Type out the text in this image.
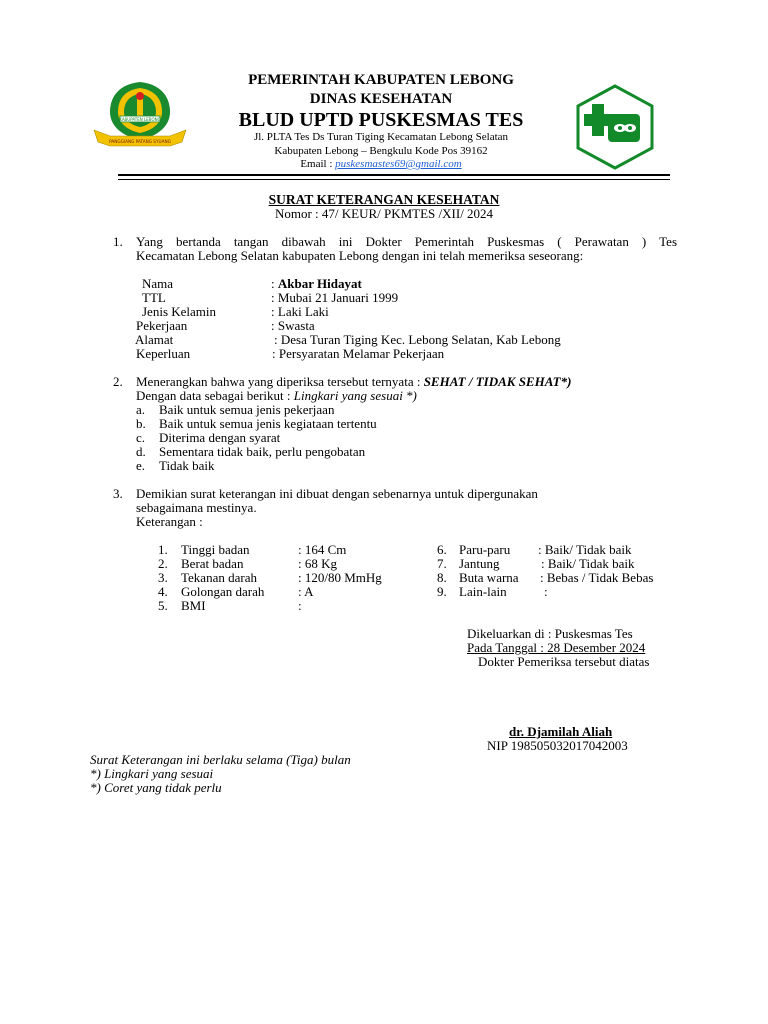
KABUPATEN LEBONG
PANGGIANG PATANG SYUANG
PEMERINTAH KABUPATEN LEBONG
DINAS KESEHATAN
BLUD UPTD PUSKESMAS TES
Jl. PLTA Tes Ds Turan Tiging Kecamatan Lebong Selatan
Kabupaten Lebong – Bengkulu Kode Pos 39162
Email : puskesmastes69@gmail.com
SURAT KETERANGAN KESEHATAN
Nomor : 47/ KEUR/ PKMTES /XII/ 2024
1. Yang bertanda tangan dibawah ini Dokter Pemerintah Puskesmas ( Perawatan ) Tes
Kecamatan Lebong Selatan kabupaten Lebong dengan ini telah memeriksa seseorang:
Nama	: Akbar Hidayat
TTL	: Mubai 21 Januari 1999
Jenis Kelamin	: Laki Laki
Pekerjaan	: Swasta
Alamat	: Desa Turan Tiging Kec. Lebong Selatan, Kab Lebong
Keperluan	: Persyaratan Melamar Pekerjaan
2. Menerangkan bahwa yang diperiksa tersebut ternyata : SEHAT / TIDAK SEHAT*)
Dengan data sebagai berikut : Lingkari yang sesuai *)
a. Baik untuk semua jenis pekerjaan
b. Baik untuk semua jenis kegiataan tertentu
c. Diterima dengan syarat
d. Sementara tidak baik, perlu pengobatan
e. Tidak baik
3. Demikian surat keterangan ini dibuat dengan sebenarnya untuk dipergunakan
sebagaimana mestinya.
Keterangan :
1. Tinggi badan	: 164 Cm
2. Berat badan	: 68 Kg
3. Tekanan darah	: 120/80 MmHg
4. Golongan darah	: A
5. BMI	:
6. Paru-paru : Baik/ Tidak baik
7. Jantung	: Baik/ Tidak baik
8. Buta warna : Bebas / Tidak Bebas
9. Lain-lain	:
Dikeluarkan di : Puskesmas Tes
Pada Tanggal : 28 Desember 2024
Dokter Pemeriksa tersebut diatas
dr. Djamilah Aliah
NIP 198505032017042003
Surat Keterangan ini berlaku selama (Tiga) bulan
*) Lingkari yang sesuai
*) Coret yang tidak perlu
